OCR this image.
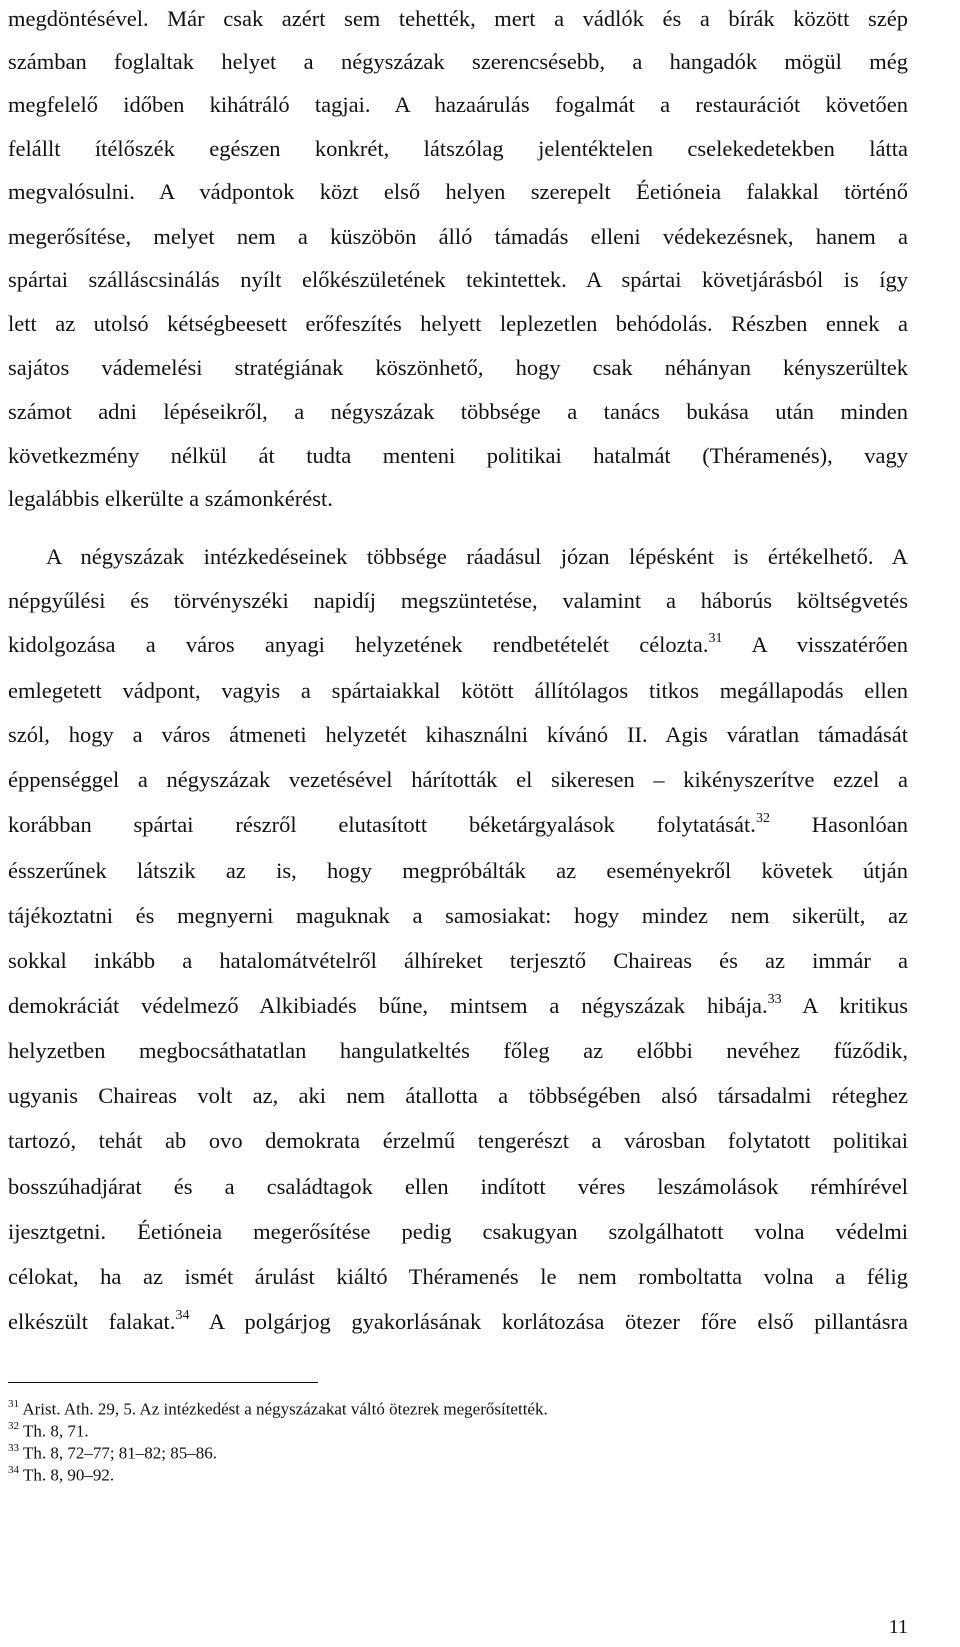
megdöntésével. Már csak azért sem tehették, mert a vádlók és a bírák között szép
számban foglaltak helyet a négyszázak szerencsésebb, a hangadók mögül még
megfelelő időben kihátráló tagjai. A hazaárulás fogalmát a restaurációt követően
felállt ítélőszék egészen konkrét, látszólag jelentéktelen cselekedetekben látta
megvalósulni. A vádpontok közt első helyen szerepelt Éetióneia falakkal történő
megerősítése, melyet nem a küszöbön álló támadás elleni védekezésnek, hanem a
spártai szálláscsinálás nyílt előkészületének tekintettek. A spártai követjárásból is így
lett az utolsó kétségbeesett erőfeszítés helyett leplezetlen behódolás. Részben ennek a
sajátos vádemelési stratégiának köszönhető, hogy csak néhányan kényszerültek
számot adni lépéseikről, a négyszázak többsége a tanács bukása után minden
következmény nélkül át tudta menteni politikai hatalmát (Théramenés), vagy
legalábbis elkerülte a számonkérést.
A négyszázak intézkedéseinek többsége ráadásul józan lépésként is értékelhető. A
népgyűlési és törvényszéki napidíj megszüntetése, valamint a háborús költségvetés
kidolgozása a város anyagi helyzetének rendbetételét célozta.$^{31}$ A visszatérően
emlegetett vádpont, vagyis a spártaiakkal kötött állítólagos titkos megállapodás ellen
szól, hogy a város átmeneti helyzetét kihasználni kívánó II. Agis váratlan támadását
éppenséggel a négyszázak vezetésével hárították el sikeresen – kikényszerítve ezzel a
korábban spártai részről elutasított béketárgyalások folytatását.$^{32}$ Hasonlóan
ésszerűnek látszik az is, hogy megpróbálták az eseményekről követek útján
tájékoztatni és megnyerni maguknak a samosiakat: hogy mindez nem sikerült, az
sokkal inkább a hatalomátvételről álhíreket terjesztő Chaireas és az immár a
demokráciát védelmező Alkibiadés bűne, mintsem a négyszázak hibája.$^{33}$ A kritikus
helyzetben megbocsáthatatlan hangulatkeltés főleg az előbbi nevéhez fűződik,
ugyanis Chaireas volt az, aki nem átallotta a többségében alsó társadalmi réteghez
tartozó, tehát ab ovo demokrata érzelmű tengerészt a városban folytatott politikai
bosszúhadjárat és a családtagok ellen indított véres leszámolások rémhírével
ijesztgetni. Éetióneia megerősítése pedig csakugyan szolgálhatott volna védelmi
célokat, ha az ismét árulást kiáltó Théramenés le nem romboltatta volna a félig
elkészült falakat.$^{34}$ A polgárjog gyakorlásának korlátozása ötezer főre első pillantásra
$^{31}$ Arist. Ath. 29, 5. Az intézkedést a négyszázakat váltó ötezrek megerősítették.
$^{32}$ Th. 8, 71.
$^{33}$ Th. 8, 72–77; 81–82; 85–86.
$^{34}$ Th. 8, 90–92.
11
